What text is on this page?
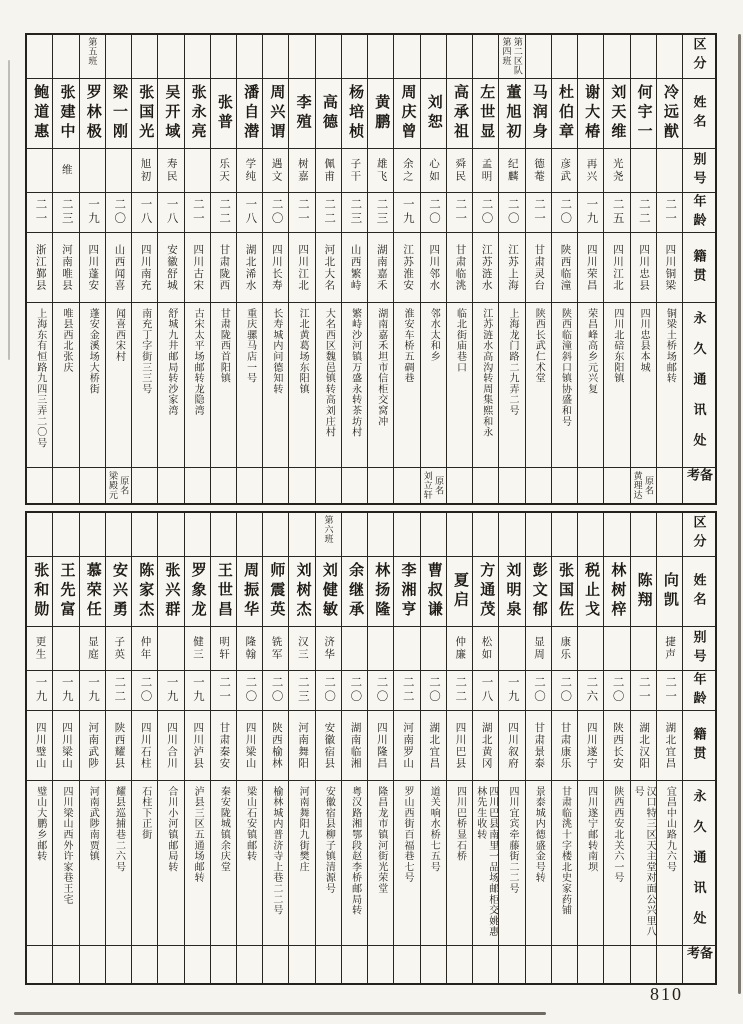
区分
姓名
别号
年龄
籍贯
永久通讯处
备考
冷远猷
二一
四川铜梁
铜梁土桥场邮转
何宇一
二二
四川忠县
四川忠县本城
原名
黄理达
刘天维
光尧
二五
四川江北
四川北碚东阳镇
谢大椿
再兴
一九
四川荣昌
荣昌峰高乡元兴复
杜伯章
彦武
二〇
陕西临潼
陕西临潼斜口镇协盛和号
马润身
德菴
二一
甘肃灵台
陕西长武仁术堂
第二区队
第四班
董旭初
纪麟
二〇
江苏上海
上海龙门路二九弄二号
左世显
孟明
二〇
江苏涟水
江苏涟水高沟转周集熙和永
高承祖
舜民
二一
甘肃临洮
临北街庙巷口
刘恕
心如
二〇
四川邻水
邻水太和乡
原名
刘立轩
周庆曾
余之
一九
江苏淮安
淮安车桥五碉巷
黄鹏
雄飞
二三
湖南嘉禾
湖南嘉禾坦市信柜交窝冲
杨培桢
子干
二三
山西繁峙
繁峙沙河镇万盛永转茶坊村
高德
佩甫
二二
河北大名
大名西区魏邑镇转高刘庄村
李殖
树嘉
二一
四川江北
江北黄葛场东阳镇
周兴谓
遇文
二〇
四川长寿
长寿城内问德知转
潘自潜
学纯
一八
湖北浠水
重庆骡马店一号
张普
乐天
二二
甘肃陇西
甘肃陇西首阳镇
张永亮
二一
四川古宋
古宋太平场邮转龙隐湾
吴开域
寿民
一八
安徽舒城
舒城九井邮局转沙家湾
张国光
旭初
一八
四川南充
南充丁字街三三号
梁一刚
二〇
山西闻喜
闻喜西宋村
原名
梁殿元
第五班
罗林极
一九
四川蓬安
蓬安金溪场大桥街
张建中
维
二三
河南唯县
唯县西北张庆
鲍道惠
二一
浙江鄞县
上海东有恒路九四三弄二〇号
区分
姓名
别号
年龄
籍贯
永久通讯处
备考
向凯
捷声
二一
湖北宜昌
宜昌中山路九六号
陈翔
二一
湖北汉阳
汉口特三区天主堂对面公兴里八号
林树梓
二〇
陕西长安
陕西西安北关六一号
税止戈
二六
四川遂宁
四川遂宁邮转南坝
张国佐
康乐
二〇
甘肃康乐
甘肃临洮十字楼北史家药铺
彭文郁
显周
二〇
甘肃景泰
景泰城内德盛金号转
刘明泉
一九
四川叙府
四川宜宾牵藤街二二号
方通茂
松如
一八
湖北黄冈
四川巴县南里一品场邮柜交姚惠林先生收转
夏启
仲廉
二二
四川巴县
四川巴桥显石桥
曹叔谦
二〇
湖北宜昌
道关响水桥七五号
李湘亨
二二
河南罗山
罗山西街百福巷七号
林扬隆
二〇
四川隆昌
隆昌龙市镇河街光荣堂
余继承
二〇
湖南临湘
粤汉路湘鄂段赵李桥邮局转
第六班
刘健敏
济华
二〇
安徽宿县
安徽宿县柳子镇清源号
刘树杰
汉三
二三
河南舞阳
河南舞阳九街樊庄
师震英
铣军
二〇
陕西榆林
榆林城内普济寺上巷二二号
周振华
隆翰
二〇
四川梁山
梁山石安镇邮转
王世昌
明轩
二一
甘肃秦安
秦安陇城镇余庆堂
罗象龙
健三
一九
四川泸县
泸县三区五通场邮转
张兴群
一九
四川合川
合川小河镇邮局转
陈家杰
仲年
二〇
四川石柱
石柱下正街
安兴勇
子英
二二
陕西耀县
耀县巡捕巷二六号
慕荣任
显庭
一九
河南武陟
河南武陟南贾镇
王先富
一九
四川梁山
四川梁山西外许家巷王宅
张和勋
更生
一九
四川璧山
璧山大鹏乡邮转
810
